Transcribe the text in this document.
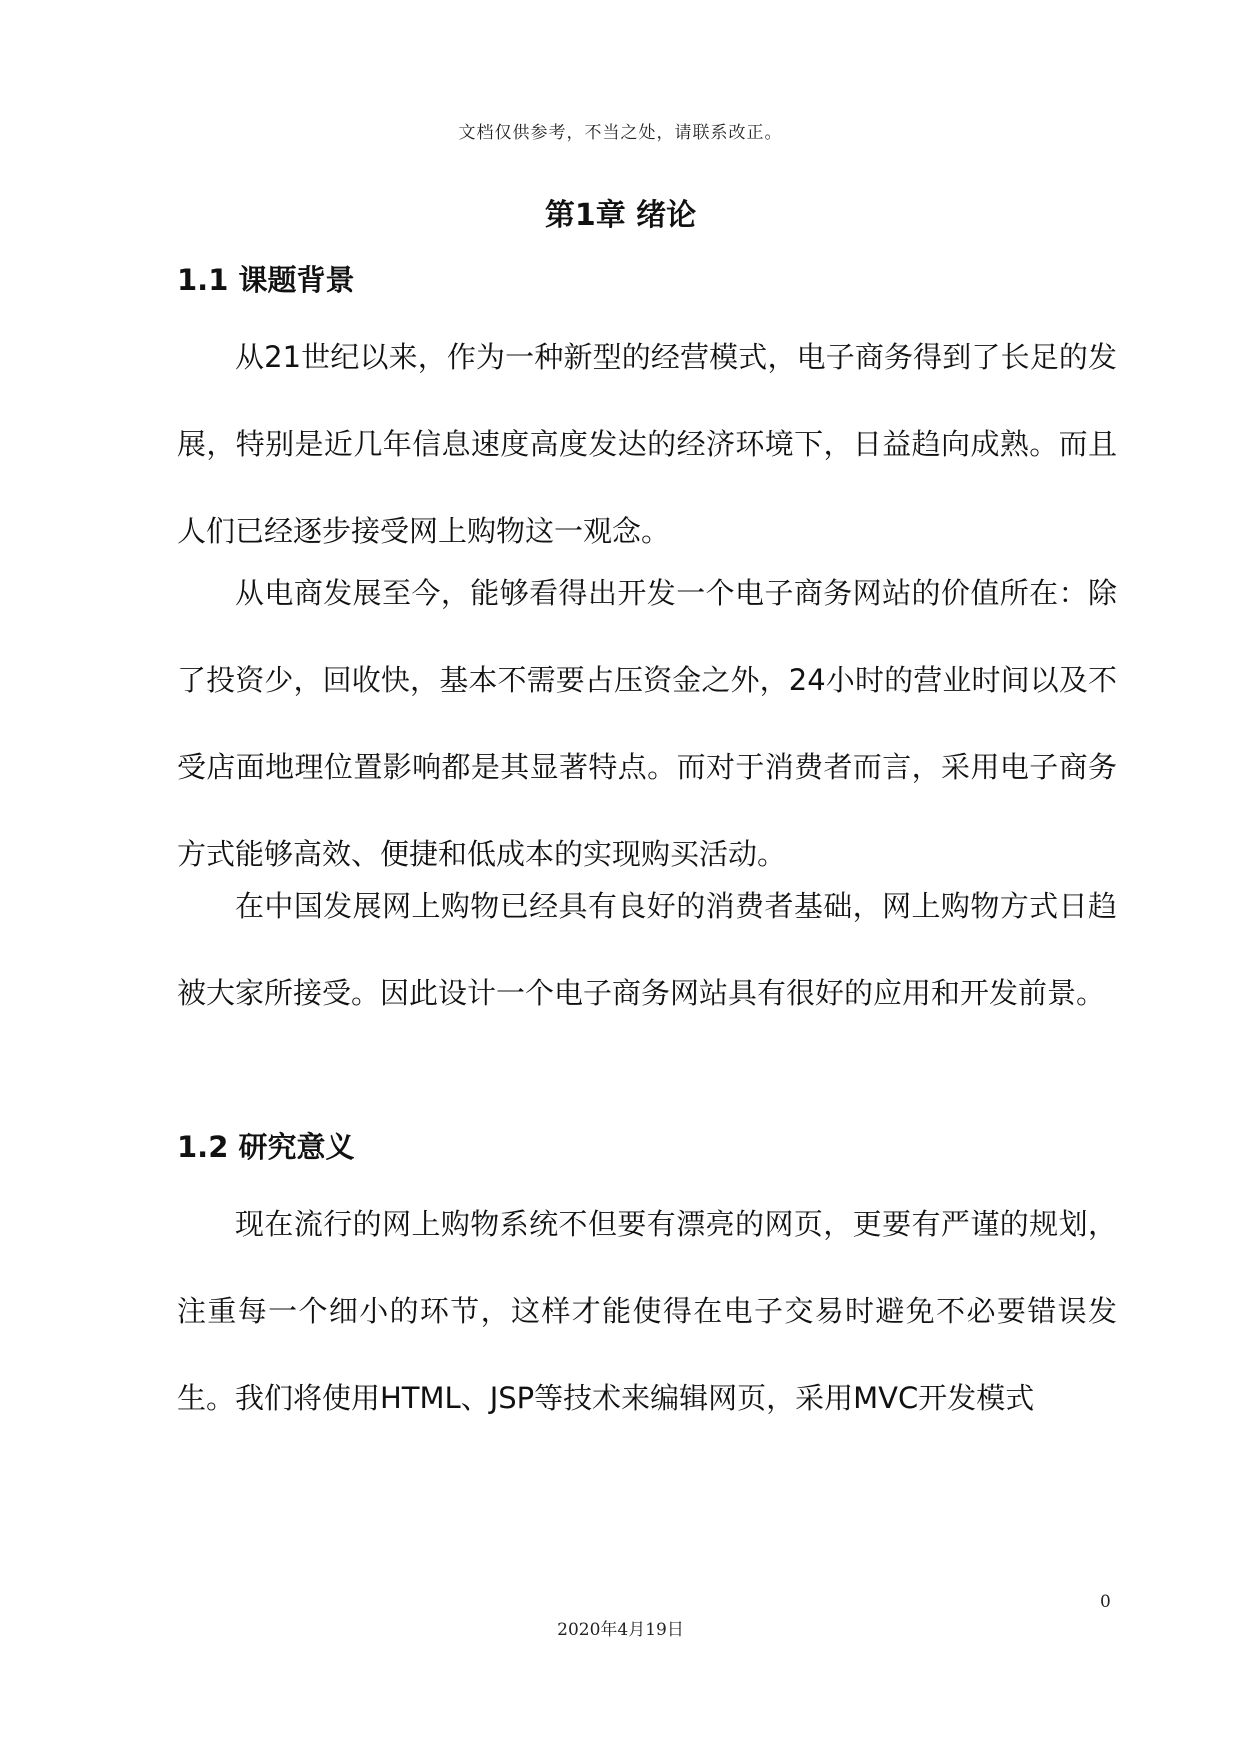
文档仅供参考，不当之处，请联系改正。
第1章 绪论
1.1 课题背景

从21世纪以来，作为一种新型的经营模式，电子商务得到了长足的发展，特别是近几年信息速度高度发达的经济环境下，日益趋向成熟。而且人们已经逐步接受网上购物这一观念。

从电商发展至今，能够看得出开发一个电子商务网站的价值所在：除了投资少，回收快，基本不需要占压资金之外，24小时的营业时间以及不受店面地理位置影响都是其显著特点。而对于消费者而言，采用电子商务方式能够高效、便捷和低成本的实现购买活动。

在中国发展网上购物已经具有良好的消费者基础，网上购物方式日趋被大家所接受。因此设计一个电子商务网站具有很好的应用和开发前景。

1.2 研究意义

现在流行的网上购物系统不但要有漂亮的网页，更要有严谨的规划，注重每一个细小的环节，这样才能使得在电子交易时避免不必要错误发生。我们将使用HTML、JSP等技术来编辑网页，采用MVC开发模式

0
2020年4月19日
